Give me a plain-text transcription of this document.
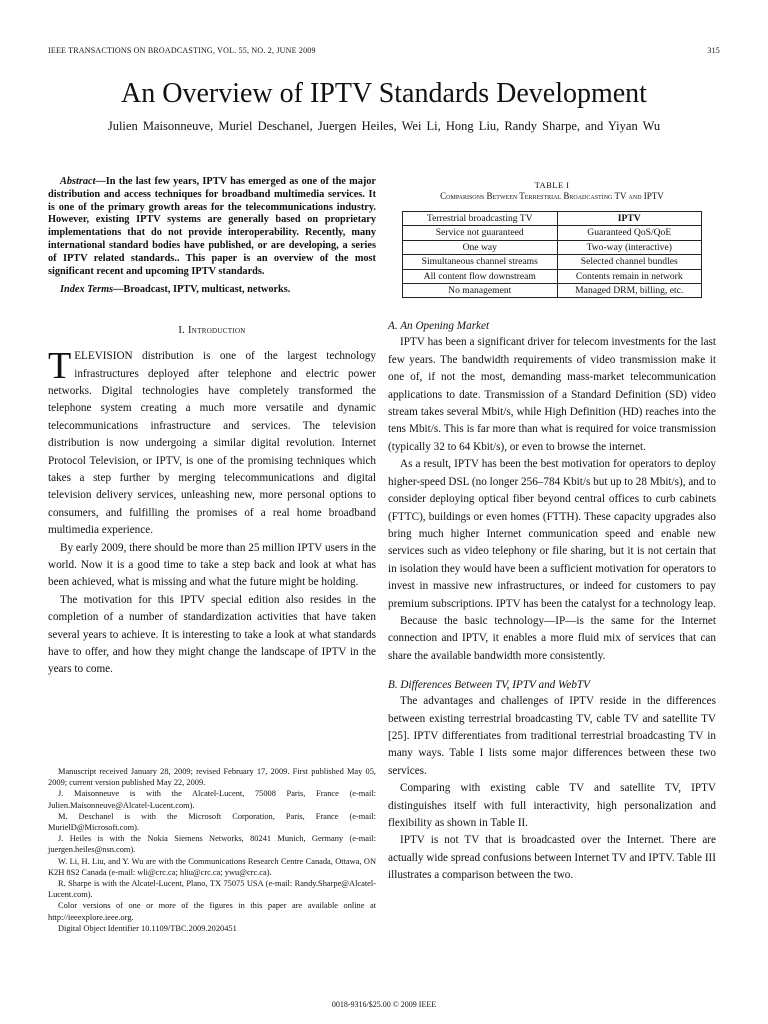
IEEE TRANSACTIONS ON BROADCASTING, VOL. 55, NO. 2, JUNE 2009	315
An Overview of IPTV Standards Development
Julien Maisonneuve, Muriel Deschanel, Juergen Heiles, Wei Li, Hong Liu, Randy Sharpe, and Yiyan Wu

Abstract—In the last few years, IPTV has emerged as one of the major distribution and access techniques for broadband multimedia services. It is one of the primary growth areas for the telecommunications industry. However, existing IPTV systems are generally based on proprietary implementations that do not provide interoperability. Recently, many international standard bodies have published, or are developing, a series of IPTV related standards.. This paper is an overview of the most significant recent and upcoming IPTV standards.

Index Terms—Broadcast, IPTV, multicast, networks.

I. Introduction

TELEVISION distribution is one of the largest technology infrastructures deployed after telephone and electric power networks. Digital technologies have completely transformed the telephone system creating a much more versatile and dynamic telecommunications infrastructure and services. The television distribution is now undergoing a similar digital revolution. Internet Protocol Television, or IPTV, is one of the promising techniques which takes a step further by merging telecommunications and digital television delivery services, unleashing new, more personal options to consumers, and fulfilling the promises of a real home broadband multimedia experience.

By early 2009, there should be more than 25 million IPTV users in the world. Now it is a good time to take a step back and look at what has been achieved, what is missing and what the future might be holding.

The motivation for this IPTV special edition also resides in the completion of a number of standardization activities that have taken several years to achieve. It is interesting to take a look at what standards have to offer, and how they might change the landscape of IPTV in the years to come.

Manuscript received January 28, 2009; revised February 17, 2009. First published May 05, 2009; current version published May 22, 2009.

J. Maisonneuve is with the Alcatel-Lucent, 75008 Paris, France (e-mail: Julien.Maisonneuve@Alcatel-Lucent.com).

M. Deschanel is with the Microsoft Corporation, Paris, France (e-mail: MurielD@Microsoft.com).

J. Heiles is with the Nokia Siemens Networks, 80241 Munich, Germany (e-mail: juergen.heiles@nsn.com).

W. Li, H. Liu, and Y. Wu are with the Communications Research Centre Canada, Ottawa, ON K2H 8S2 Canada (e-mail: wli@crc.ca; hliu@crc.ca; ywu@crc.ca).

R. Sharpe is with the Alcatel-Lucent, Plano, TX 75075 USA (e-mail: Randy.Sharpe@Alcatel-Lucent.com).

Color versions of one or more of the figures in this paper are available online at http://ieeexplore.ieee.org.

Digital Object Identifier 10.1109/TBC.2009.2020451

TABLE I
Comparisons Between Terrestrial Broadcasting TV and IPTV
Terrestrial broadcasting TV	IPTV
Service not guaranteed	Guaranteed QoS/QoE
One way	Two-way (interactive)
Simultaneous channel streams	Selected channel bundles
All content flow downstream	Contents remain in network
No management	Managed DRM, billing, etc.
A. An Opening Market

IPTV has been a significant driver for telecom investments for the last few years. The bandwidth requirements of video transmission make it one of, if not the most, demanding mass-market telecommunication applications to date. Transmission of a Standard Definition (SD) video stream takes several Mbit/s, while High Definition (HD) reaches into the tens Mbit/s. This is far more than what is required for voice transmission (typically 32 to 64 Kbit/s), or even to browse the internet.

As a result, IPTV has been the best motivation for operators to deploy higher-speed DSL (no longer 256–784 Kbit/s but up to 28 Mbit/s), and to consider deploying optical fiber beyond central offices to curb cabinets (FTTC), buildings or even homes (FTTH). These capacity upgrades also bring much higher Internet communication speed and enable new services such as video telephony or file sharing, but it is not certain that in isolation they would have been a sufficient motivation for operators to invest in massive new infrastructures, or indeed for customers to pay premium subscriptions. IPTV has been the catalyst for a technology leap.

Because the basic technology—IP—is the same for the Internet connection and IPTV, it enables a more fluid mix of services that can share the available bandwidth more consistently.

B. Differences Between TV, IPTV and WebTV

The advantages and challenges of IPTV reside in the differences between existing terrestrial broadcasting TV, cable TV and satellite TV [25]. IPTV differentiates from traditional terrestrial broadcasting TV in many ways. Table I lists some major differences between these two services.

Comparing with existing cable TV and satellite TV, IPTV distinguishes itself with full interactivity, high personalization and flexibility as shown in Table II.

IPTV is not TV that is broadcasted over the Internet. There are actually wide spread confusions between Internet TV and IPTV. Table III illustrates a comparison between the two.

0018-9316/$25.00 © 2009 IEEE
